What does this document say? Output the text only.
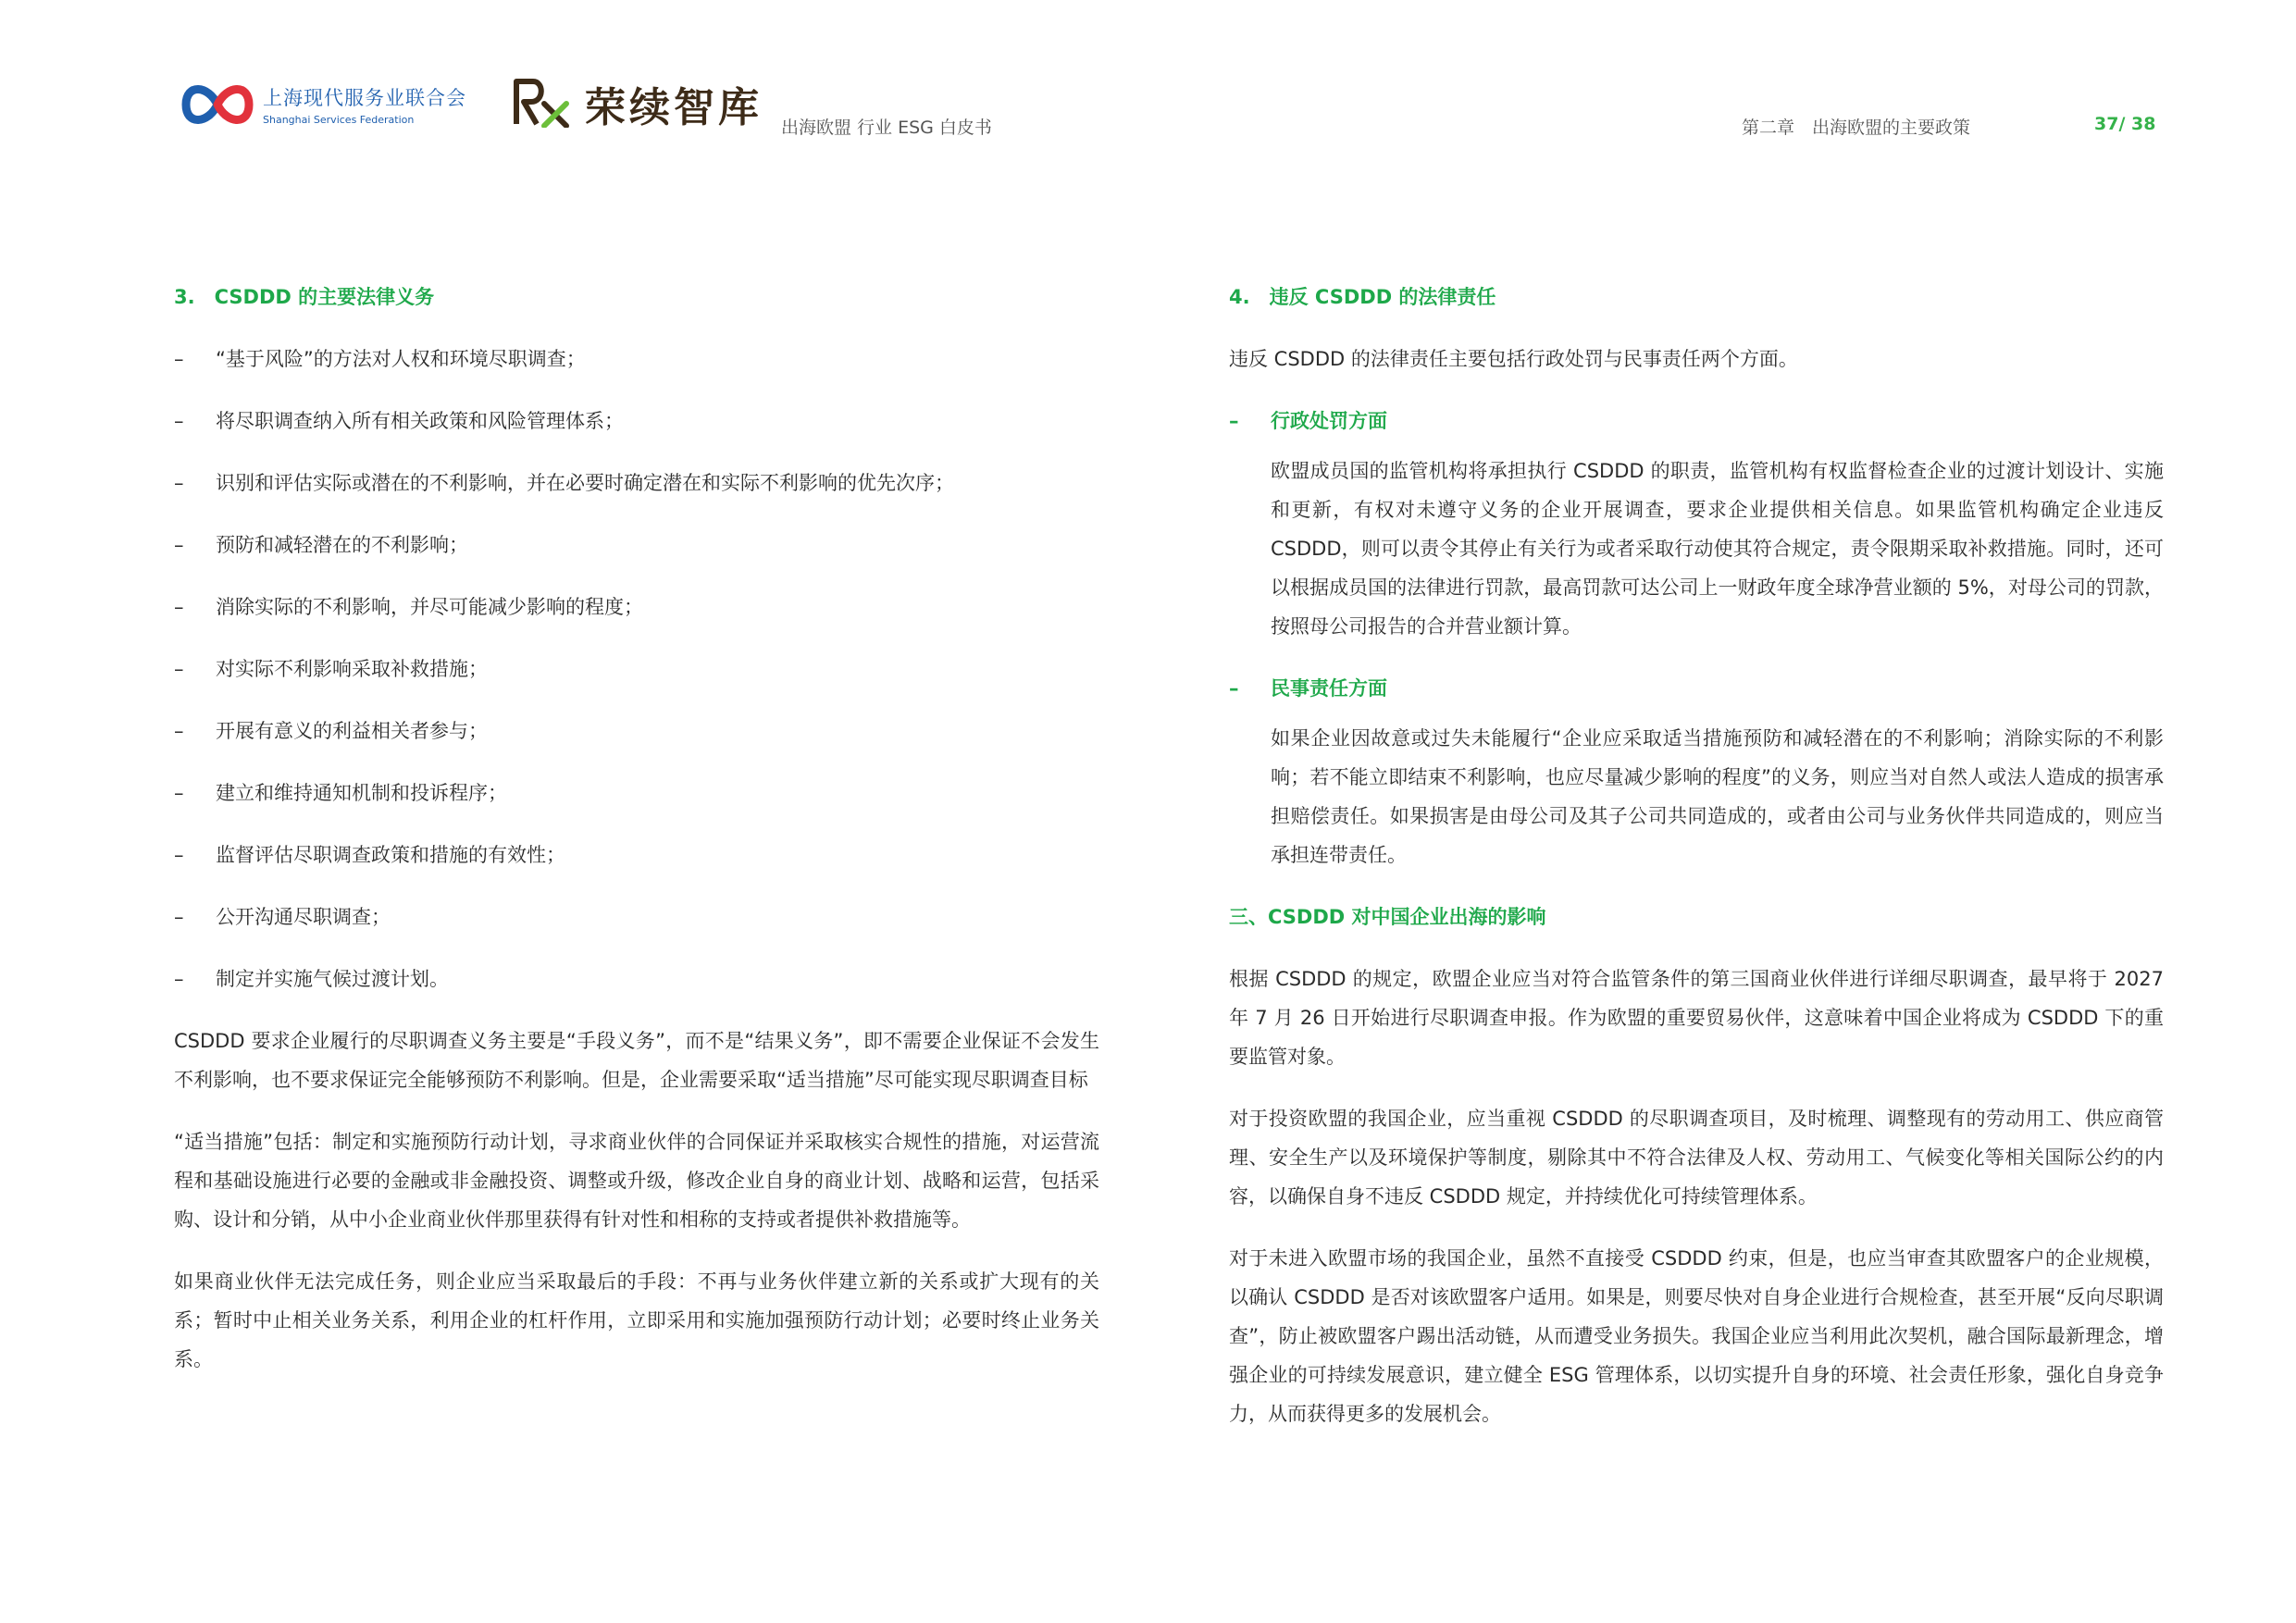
上海现代服务业联合会
Shanghai Services Federation	荣续智库 出海欧盟 行业 ESG 白皮书	第二章　出海欧盟的主要政策	37/ 38

3.　CSDDD 的主要法律义务

–	“基于风险”的方法对人权和环境尽职调查；
–	将尽职调查纳入所有相关政策和风险管理体系；
–	识别和评估实际或潜在的不利影响，并在必要时确定潜在和实际不利影响的优先次序；
–	预防和减轻潜在的不利影响；
–	消除实际的不利影响，并尽可能减少影响的程度；
–	对实际不利影响采取补救措施；
–	开展有意义的利益相关者参与；
–	建立和维持通知机制和投诉程序；
–	监督评估尽职调查政策和措施的有效性；
–	公开沟通尽职调查；
–	制定并实施气候过渡计划。

CSDDD 要求企业履行的尽职调查义务主要是“手段义务”，而不是“结果义务”，即不需要企业保证不会发生不利影响，也不要求保证完全能够预防不利影响。但是，企业需要采取“适当措施”尽可能实现尽职调查目标

“适当措施”包括：制定和实施预防行动计划，寻求商业伙伴的合同保证并采取核实合规性的措施，对运营流程和基础设施进行必要的金融或非金融投资、调整或升级，修改企业自身的商业计划、战略和运营，包括采购、设计和分销，从中小企业商业伙伴那里获得有针对性和相称的支持或者提供补救措施等。

如果商业伙伴无法完成任务，则企业应当采取最后的手段：不再与业务伙伴建立新的关系或扩大现有的关系；暂时中止相关业务关系，利用企业的杠杆作用，立即采用和实施加强预防行动计划；必要时终止业务关系。

4.　违反 CSDDD 的法律责任

违反 CSDDD 的法律责任主要包括行政处罚与民事责任两个方面。

–	行政处罚方面

欧盟成员国的监管机构将承担执行 CSDDD 的职责，监管机构有权监督检查企业的过渡计划设计、实施和更新，有权对未遵守义务的企业开展调查，要求企业提供相关信息。如果监管机构确定企业违反 CSDDD，则可以责令其停止有关行为或者采取行动使其符合规定，责令限期采取补救措施。同时，还可以根据成员国的法律进行罚款，最高罚款可达公司上一财政年度全球净营业额的 5%，对母公司的罚款，按照母公司报告的合并营业额计算。

–	民事责任方面

如果企业因故意或过失未能履行“企业应采取适当措施预防和减轻潜在的不利影响；消除实际的不利影响；若不能立即结束不利影响，也应尽量减少影响的程度”的义务，则应当对自然人或法人造成的损害承担赔偿责任。如果损害是由母公司及其子公司共同造成的，或者由公司与业务伙伴共同造成的，则应当承担连带责任。

三、CSDDD 对中国企业出海的影响

根据 CSDDD 的规定，欧盟企业应当对符合监管条件的第三国商业伙伴进行详细尽职调查，最早将于 2027 年 7 月 26 日开始进行尽职调查申报。作为欧盟的重要贸易伙伴，这意味着中国企业将成为 CSDDD 下的重要监管对象。

对于投资欧盟的我国企业，应当重视 CSDDD 的尽职调查项目，及时梳理、调整现有的劳动用工、供应商管理、安全生产以及环境保护等制度，剔除其中不符合法律及人权、劳动用工、气候变化等相关国际公约的内容，以确保自身不违反 CSDDD 规定，并持续优化可持续管理体系。

对于未进入欧盟市场的我国企业，虽然不直接受 CSDDD 约束，但是，也应当审查其欧盟客户的企业规模，以确认 CSDDD 是否对该欧盟客户适用。如果是，则要尽快对自身企业进行合规检查，甚至开展“反向尽职调查”，防止被欧盟客户踢出活动链，从而遭受业务损失。我国企业应当利用此次契机，融合国际最新理念，增强企业的可持续发展意识，建立健全 ESG 管理体系，以切实提升自身的环境、社会责任形象，强化自身竞争力，从而获得更多的发展机会。
